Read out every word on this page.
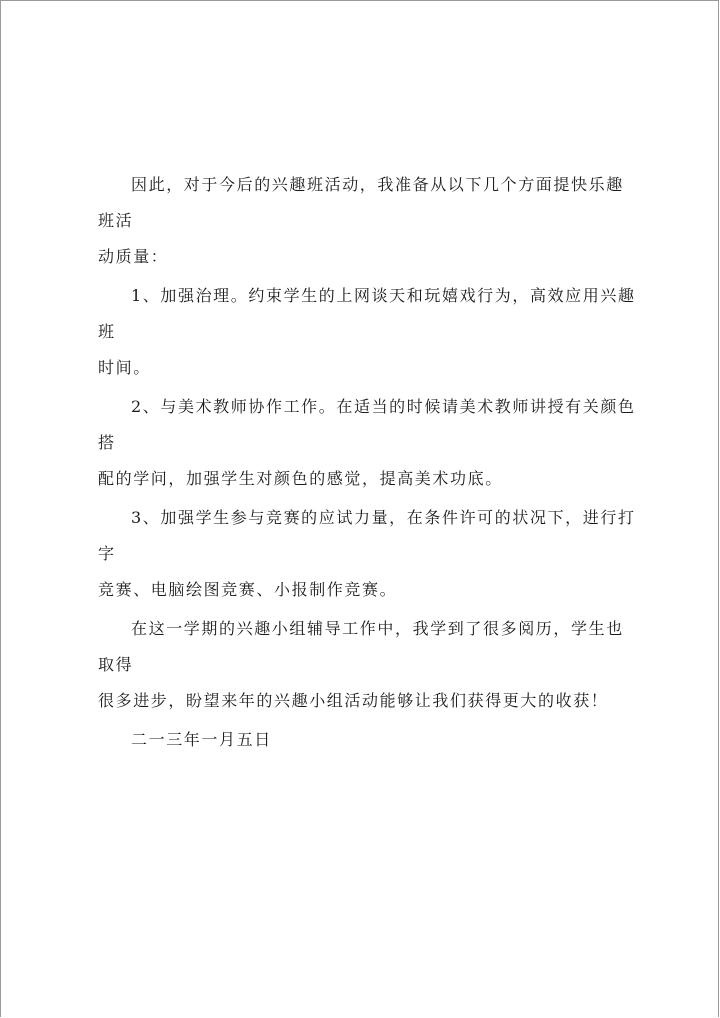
因此，对于今后的兴趣班活动，我准备从以下几个方面提快乐趣班活
动质量：

1、加强治理。约束学生的上网谈天和玩嬉戏行为，高效应用兴趣班
时间。

2、与美术教师协作工作。在适当的时候请美术教师讲授有关颜色搭
配的学问，加强学生对颜色的感觉，提高美术功底。

3、加强学生参与竞赛的应试力量，在条件许可的状况下，进行打字
竞赛、电脑绘图竞赛、小报制作竞赛。

在这一学期的兴趣小组辅导工作中，我学到了很多阅历，学生也取得
很多进步，盼望来年的兴趣小组活动能够让我们获得更大的收获！

二一三年一月五日
